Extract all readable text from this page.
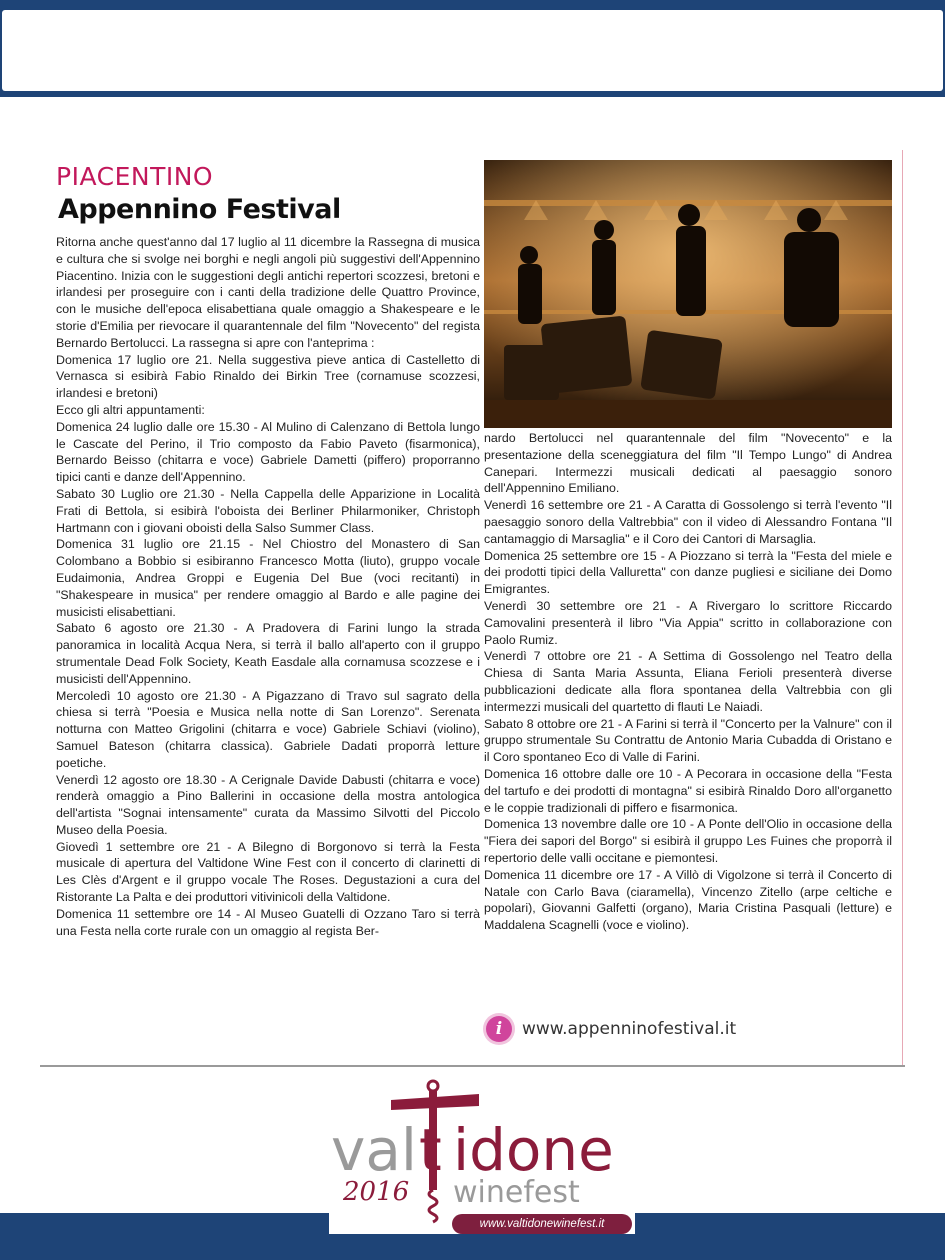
PIACENTINO
Appennino Festival

Ritorna anche quest'anno dal 17 luglio al 11 dicembre la Rassegna di musica e cultura che si svolge nei borghi e negli angoli più suggestivi dell'Appennino Piacentino. Inizia con le suggestioni degli antichi repertori scozzesi, bretoni e irlandesi per proseguire con i canti della tradizione delle Quattro Province, con le musiche dell'epoca elisabettiana quale omaggio a Shakespeare e le storie d'Emilia per rievocare il quarantennale del film "Novecento" del regista Bernardo Bertolucci. La rassegna si apre con l'anteprima :

Domenica 17 luglio ore 21. Nella suggestiva pieve antica di Castelletto di Vernasca si esibirà Fabio Rinaldo dei Birkin Tree (cornamuse scozzesi, irlandesi e bretoni)

Ecco gli altri appuntamenti:

Domenica 24 luglio dalle ore 15.30 - Al Mulino di Calenzano di Bettola lungo le Cascate del Perino, il Trio composto da Fabio Paveto (fisarmonica), Bernardo Beisso (chitarra e voce) Gabriele Dametti (piffero) proporranno tipici canti e danze dell'Appennino.

Sabato 30 Luglio ore 21.30 - Nella Cappella delle Apparizione in Località Frati di Bettola, si esibirà l'oboista dei Berliner Philarmoniker, Christoph Hartmann con i giovani oboisti della Salso Summer Class.

Domenica 31 luglio ore 21.15 - Nel Chiostro del Monastero di San Colombano a Bobbio si esibiranno Francesco Motta (liuto), gruppo vocale Eudaimonia, Andrea Groppi e Eugenia Del Bue (voci recitanti) in "Shakespeare in musica" per rendere omaggio al Bardo e alle pagine dei musicisti elisabettiani.

Sabato 6 agosto ore 21.30 - A Pradovera di Farini lungo la strada panoramica in località Acqua Nera, si terrà il ballo all'aperto con il gruppo strumentale Dead Folk Society, Keath Easdale alla cornamusa scozzese e i musicisti dell'Appennino.

Mercoledì 10 agosto ore 21.30 - A Pigazzano di Travo sul sagrato della chiesa si terrà "Poesia e Musica nella notte di San Lorenzo". Serenata notturna con Matteo Grigolini (chitarra e voce) Gabriele Schiavi (violino), Samuel Bateson (chitarra classica). Gabriele Dadati proporrà letture poetiche.

Venerdì 12 agosto ore 18.30 - A Cerignale Davide Dabusti (chitarra e voce) renderà omaggio a Pino Ballerini in occasione della mostra antologica dell'artista "Sognai intensamente" curata da Massimo Silvotti del Piccolo Museo della Poesia.

Giovedì 1 settembre ore 21 - A Bilegno di Borgonovo si terrà la Festa musicale di apertura del Valtidone Wine Fest con il concerto di clarinetti di Les Clès d'Argent e il gruppo vocale The Roses. Degustazioni a cura del Ristorante La Palta e dei produttori vitivinicoli della Valtidone.

Domenica 11 settembre ore 14 - Al Museo Guatelli di Ozzano Taro si terrà una Festa nella corte rurale con un omaggio al regista Ber-

nardo Bertolucci nel quarantennale del film "Novecento" e la presentazione della sceneggiatura del film "Il Tempo Lungo" di Andrea Canepari. Intermezzi musicali dedicati al paesaggio sonoro dell'Appennino Emiliano.

Venerdì 16 settembre ore 21 - A Caratta di Gossolengo si terrà l'evento "Il paesaggio sonoro della Valtrebbia" con il video di Alessandro Fontana "Il cantamaggio di Marsaglia" e il Coro dei Cantori di Marsaglia.

Domenica 25 settembre ore 15 - A Piozzano si terrà la "Festa del miele e dei prodotti tipici della Valluretta" con danze pugliesi e siciliane dei Domo Emigrantes.

Venerdì 30 settembre ore 21 - A Rivergaro lo scrittore Riccardo Camovalini presenterà il libro "Via Appia" scritto in collaborazione con Paolo Rumiz.

Venerdì 7 ottobre ore 21 - A Settima di Gossolengo nel Teatro della Chiesa di Santa Maria Assunta, Eliana Ferioli presenterà diverse pubblicazioni dedicate alla flora spontanea della Valtrebbia con gli intermezzi musicali del quartetto di flauti Le Naiadi.

Sabato 8 ottobre ore 21 - A Farini si terrà il "Concerto per la Valnure" con il gruppo strumentale Su Contrattu de Antonio Maria Cubadda di Oristano e il Coro spontaneo Eco di Valle di Farini.

Domenica 16 ottobre dalle ore 10 - A Pecorara in occasione della "Festa del tartufo e dei prodotti di montagna" si esibirà Rinaldo Doro all'organetto e le coppie tradizionali di piffero e fisarmonica.

Domenica 13 novembre dalle ore 10 - A Ponte dell'Olio in occasione della "Fiera dei sapori del Borgo" si esibirà il gruppo Les Fuines che proporrà il repertorio delle valli occitane e piemontesi.

Domenica 11 dicembre ore 17 - A Villò di Vigolzone si terrà il Concerto di Natale con Carlo Bava (ciaramella), Vincenzo Zitello (arpe celtiche e popolari), Giovanni Galfetti (organo), Maria Cristina Pasquali (letture) e Maddalena Scagnelli (voce e violino).

i	www.appenninofestival.it
val t idone
2016 winefest
www.valtidonewinefest.it
